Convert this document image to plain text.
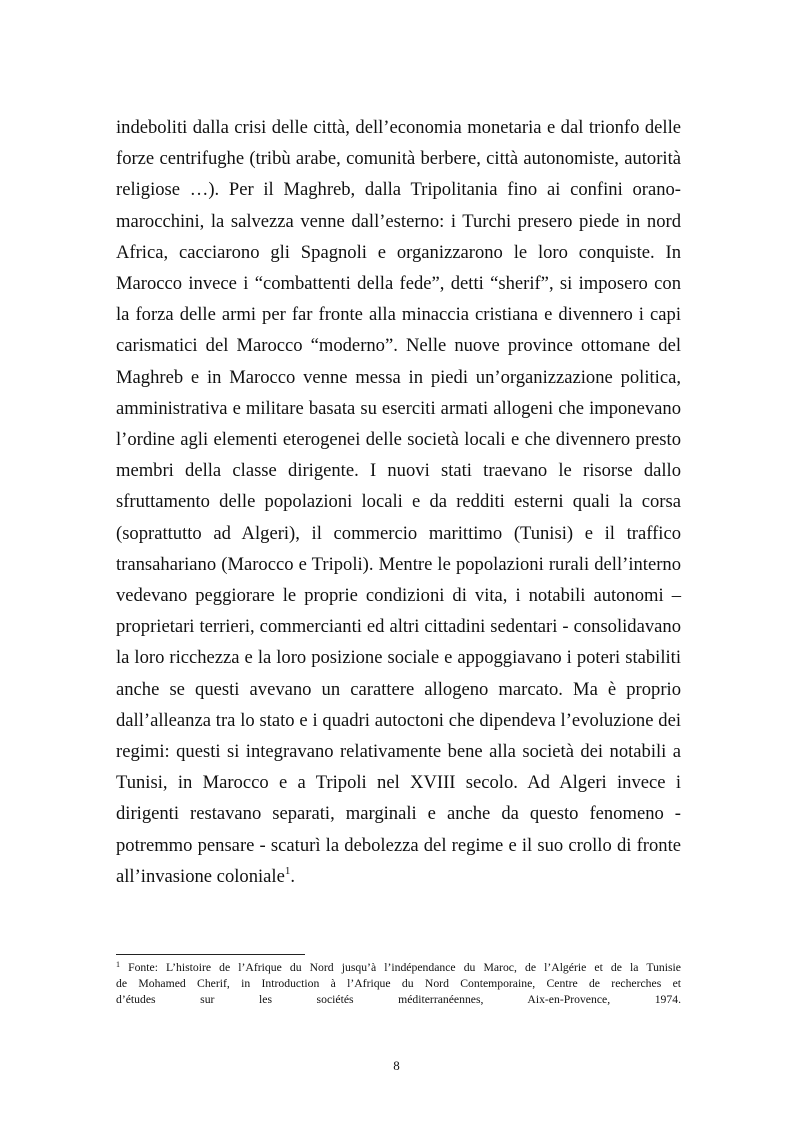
indeboliti dalla crisi delle città, dell’economia monetaria e dal trionfo delle
forze centrifughe (tribù arabe, comunità berbere, città autonomiste, autorità
religiose …). Per il Maghreb, dalla Tripolitania fino ai confini orano-
marocchini, la salvezza venne dall’esterno: i Turchi presero piede in nord
Africa, cacciarono gli Spagnoli e organizzarono le loro conquiste. In
Marocco invece i “combattenti della fede”, detti “sherif”, si imposero con
la forza delle armi per far fronte alla minaccia cristiana e divennero i capi
carismatici del Marocco “moderno”. Nelle nuove province ottomane del
Maghreb e in Marocco venne messa in piedi un’organizzazione politica,
amministrativa e militare basata su eserciti armati allogeni che imponevano
l’ordine agli elementi eterogenei delle società locali e che divennero presto
membri della classe dirigente. I nuovi stati traevano le risorse dallo
sfruttamento delle popolazioni locali e da redditi esterni quali la corsa
(soprattutto ad Algeri), il commercio marittimo (Tunisi) e il traffico
transahariano (Marocco e Tripoli). Mentre le popolazioni rurali dell’interno
vedevano peggiorare le proprie condizioni di vita, i notabili autonomi –
proprietari terrieri, commercianti ed altri cittadini sedentari - consolidavano
la loro ricchezza e la loro posizione sociale e appoggiavano i poteri stabiliti
anche se questi avevano un carattere allogeno marcato. Ma è proprio
dall’alleanza tra lo stato e i quadri autoctoni che dipendeva l’evoluzione dei
regimi: questi si integravano relativamente bene alla società dei notabili a
Tunisi, in Marocco e a Tripoli nel XVIII secolo. Ad Algeri invece i
dirigenti restavano separati, marginali e anche da questo fenomeno -
potremmo pensare - scaturì la debolezza del regime e il suo crollo di fronte
all’invasione coloniale$^1$.
$^1$ Fonte: L’histoire de l’Afrique du Nord jusqu’à l’indépendance du Maroc, de l’Algérie et de la Tunisie
de Mohamed Cherif, in Introduction à l’Afrique du Nord Contemporaine, Centre de recherches et
d’études sur les sociétés méditerranéennes, Aix-en-Provence, 1974.
8
